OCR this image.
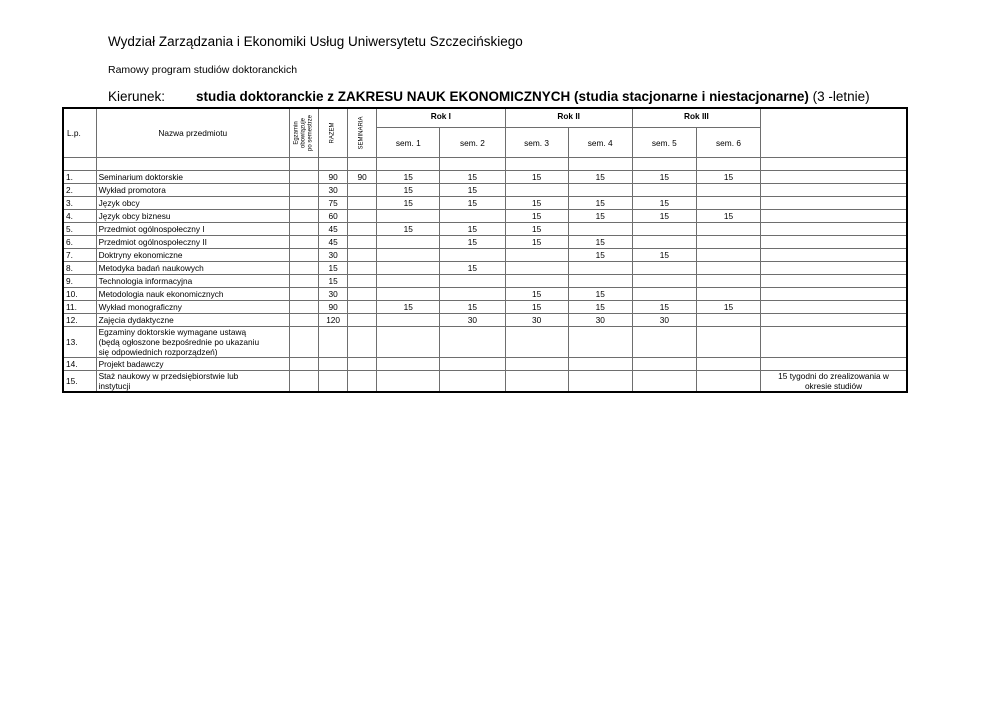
Wydział Zarządzania i Ekonomiki Usług Uniwersytetu Szczecińskiego
Ramowy program studiów doktoranckich
Kierunek: studia doktoranckie z ZAKRESU NAUK EKONOMICZNYCH (studia stacjonarne i niestacjonarne) (3 -letnie)
L.p.	Nazwa przedmiotu	Egzamin
obowiązuje
po semestrze	RAZEM	SEMINARIA	Rok I		Rok II		Rok III		
					sem. 1	sem. 2	sem. 3	sem. 4	sem. 5	sem. 6	

1.	Seminarium doktorskie		90	90	15	15	15	15	15	15	
2.	Wykład promotora		30		15	15					
3.	Język obcy		75		15	15	15	15	15		
4.	Język obcy biznesu		60				15	15	15	15	
5.	Przedmiot ogólnospołeczny I		45		15	15	15				
6.	Przedmiot ogólnospołeczny II		45			15	15	15			
7.	Doktryny ekonomiczne		30					15	15		
8.	Metodyka badań naukowych		15			15					
9.	Technologia informacyjna		15								
10.	Metodologia nauk ekonomicznych		30				15	15			
11.	Wykład monograficzny		90		15	15	15	15	15	15	
12.	Zajęcia dydaktyczne		120			30	30	30	30		
13.	Egzaminy doktorskie wymagane ustawą
(będą ogłoszone bezpośrednie po ukazaniu
się odpowiednich rozporządzeń)										
14.	Projekt badawczy										
15.	Staż naukowy w przedsiębiorstwie lub
instytucji										15 tygodni do zrealizowania w
okresie studiów
